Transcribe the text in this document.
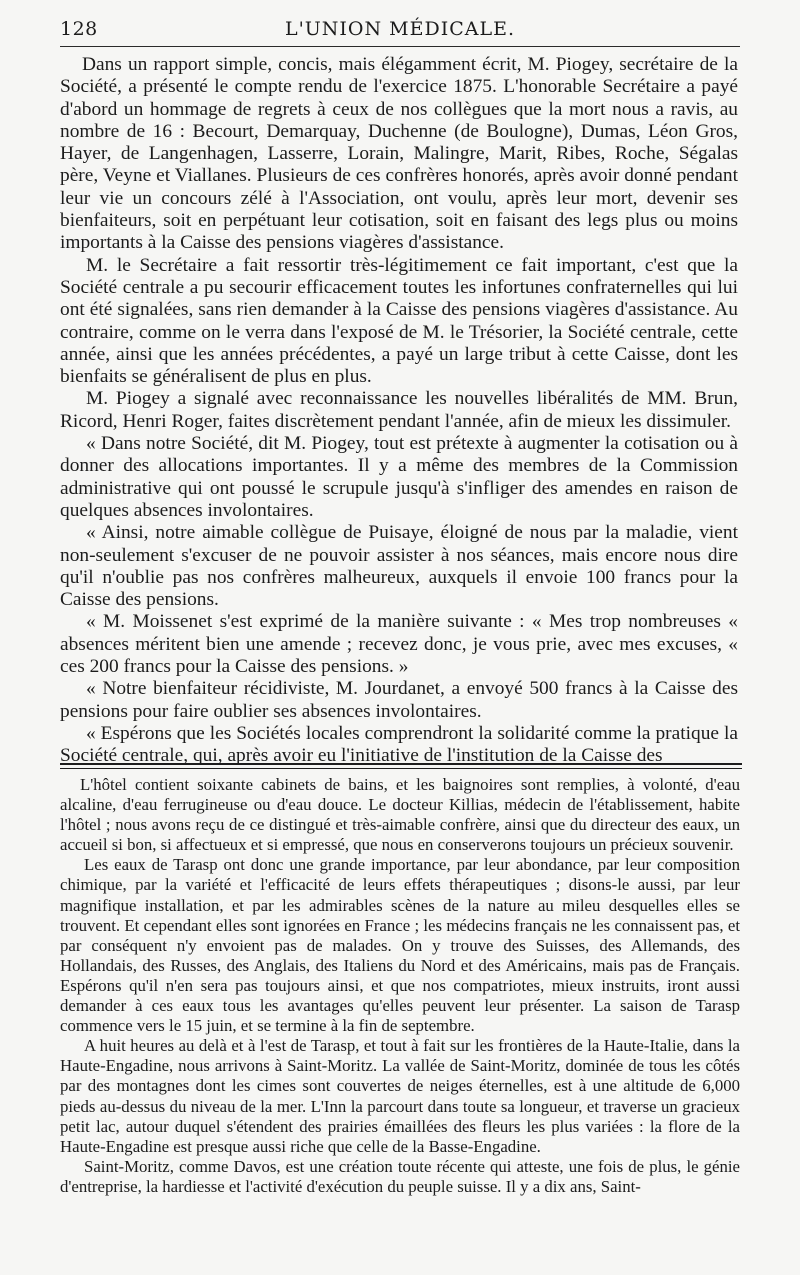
128	L'UNION MÉDICALE.

Dans un rapport simple, concis, mais élégamment écrit, M. Piogey, secrétaire de la Société, a présenté le compte rendu de l'exercice 1875. L'honorable Secrétaire a payé d'abord un hommage de regrets à ceux de nos collègues que la mort nous a ravis, au nombre de 16 : Becourt, Demarquay, Duchenne (de Boulogne), Dumas, Léon Gros, Hayer, de Langenhagen, Lasserre, Lorain, Malingre, Marit, Ribes, Roche, Ségalas père, Veyne et Viallanes. Plusieurs de ces confrères honorés, après avoir donné pendant leur vie un concours zélé à l'Association, ont voulu, après leur mort, devenir ses bienfaiteurs, soit en perpétuant leur cotisation, soit en faisant des legs plus ou moins importants à la Caisse des pensions viagères d'assistance.

M. le Secrétaire a fait ressortir très-légitimement ce fait important, c'est que la Société centrale a pu secourir efficacement toutes les infortunes confraternelles qui lui ont été signalées, sans rien demander à la Caisse des pensions viagères d'assistance. Au contraire, comme on le verra dans l'exposé de M. le Trésorier, la Société centrale, cette année, ainsi que les années précédentes, a payé un large tribut à cette Caisse, dont les bienfaits se généralisent de plus en plus.

M. Piogey a signalé avec reconnaissance les nouvelles libéralités de MM. Brun, Ricord, Henri Roger, faites discrètement pendant l'année, afin de mieux les dissimuler.

« Dans notre Société, dit M. Piogey, tout est prétexte à augmenter la cotisation ou à donner des allocations importantes. Il y a même des membres de la Commission administrative qui ont poussé le scrupule jusqu'à s'infliger des amendes en raison de quelques absences involontaires.

« Ainsi, notre aimable collègue de Puisaye, éloigné de nous par la maladie, vient non-seulement s'excuser de ne pouvoir assister à nos séances, mais encore nous dire qu'il n'oublie pas nos confrères malheureux, auxquels il envoie 100 francs pour la Caisse des pensions.

« M. Moissenet s'est exprimé de la manière suivante : « Mes trop nombreuses « absences méritent bien une amende ; recevez donc, je vous prie, avec mes excuses, « ces 200 francs pour la Caisse des pensions. »

« Notre bienfaiteur récidiviste, M. Jourdanet, a envoyé 500 francs à la Caisse des pensions pour faire oublier ses absences involontaires.

« Espérons que les Sociétés locales comprendront la solidarité comme la pratique la Société centrale, qui, après avoir eu l'initiative de l'institution de la Caisse des

L'hôtel contient soixante cabinets de bains, et les baignoires sont remplies, à volonté, d'eau alcaline, d'eau ferrugineuse ou d'eau douce. Le docteur Killias, médecin de l'établissement, habite l'hôtel ; nous avons reçu de ce distingué et très-aimable confrère, ainsi que du directeur des eaux, un accueil si bon, si affectueux et si empressé, que nous en conserverons toujours un précieux souvenir.

Les eaux de Tarasp ont donc une grande importance, par leur abondance, par leur composition chimique, par la variété et l'efficacité de leurs effets thérapeutiques ; disons-le aussi, par leur magnifique installation, et par les admirables scènes de la nature au mileu desquelles elles se trouvent. Et cependant elles sont ignorées en France ; les médecins français ne les connaissent pas, et par conséquent n'y envoient pas de malades. On y trouve des Suisses, des Allemands, des Hollandais, des Russes, des Anglais, des Italiens du Nord et des Américains, mais pas de Français. Espérons qu'il n'en sera pas toujours ainsi, et que nos compatriotes, mieux instruits, iront aussi demander à ces eaux tous les avantages qu'elles peuvent leur présenter. La saison de Tarasp commence vers le 15 juin, et se termine à la fin de septembre.

A huit heures au delà et à l'est de Tarasp, et tout à fait sur les frontières de la Haute-Italie, dans la Haute-Engadine, nous arrivons à Saint-Moritz. La vallée de Saint-Moritz, dominée de tous les côtés par des montagnes dont les cimes sont couvertes de neiges éternelles, est à une altitude de 6,000 pieds au-dessus du niveau de la mer. L'Inn la parcourt dans toute sa longueur, et traverse un gracieux petit lac, autour duquel s'étendent des prairies émaillées des fleurs les plus variées : la flore de la Haute-Engadine est presque aussi riche que celle de la Basse-Engadine.

Saint-Moritz, comme Davos, est une création toute récente qui atteste, une fois de plus, le génie d'entreprise, la hardiesse et l'activité d'exécution du peuple suisse. Il y a dix ans, Saint-
